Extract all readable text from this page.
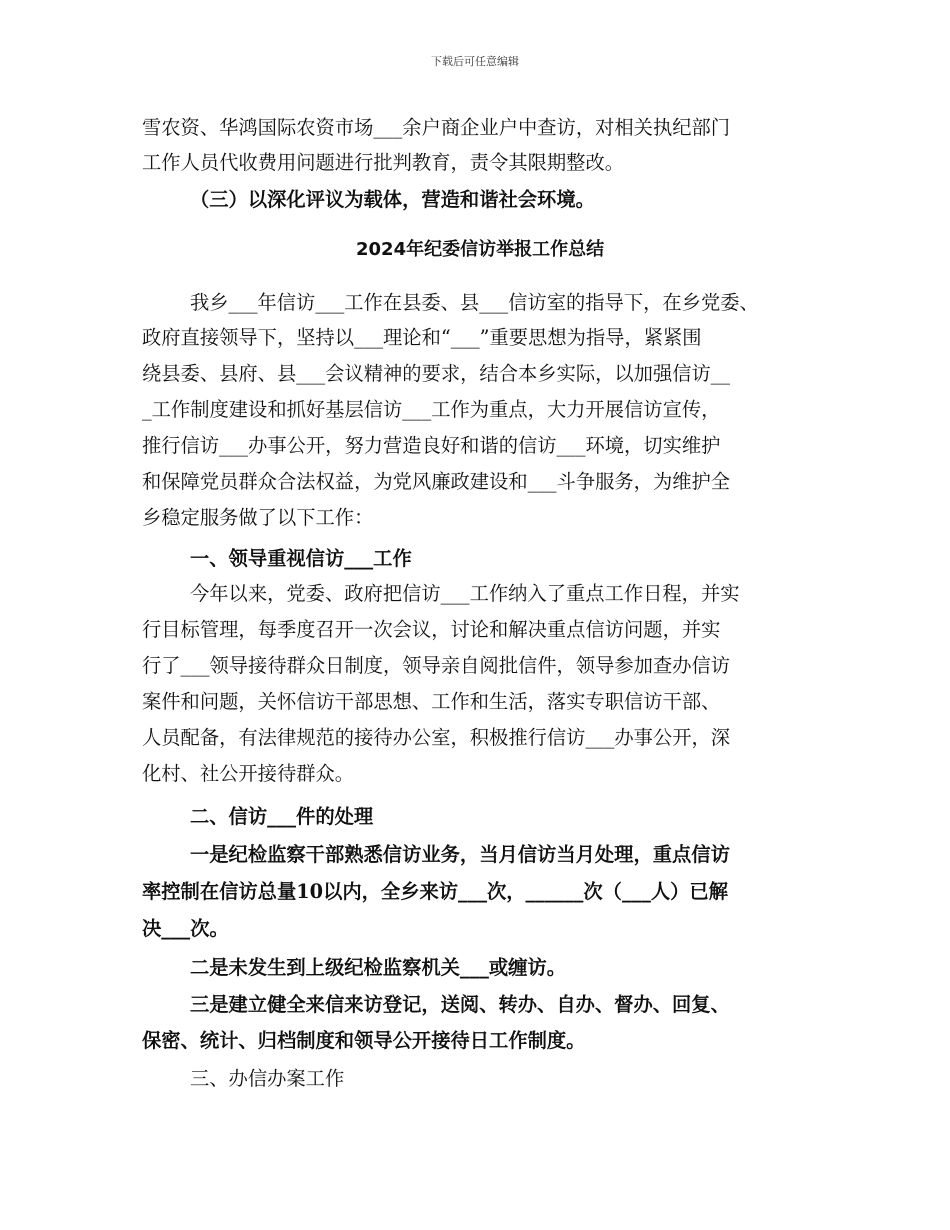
下载后可任意编辑
雪农资、华鸿国际农资市场___余户商企业户中查访，对相关执纪部门
工作人员代收费用问题进行批判教育，责令其限期整改。
（三）以深化评议为载体，营造和谐社会环境。
2024年纪委信访举报工作总结
我乡___年信访___工作在县委、县___信访室的指导下，在乡党委、
政府直接领导下，坚持以___理论和“___”重要思想为指导，紧紧围
绕县委、县府、县___会议精神的要求，结合本乡实际，以加强信访__
_工作制度建设和抓好基层信访___工作为重点，大力开展信访宣传，
推行信访___办事公开，努力营造良好和谐的信访___环境，切实维护
和保障党员群众合法权益，为党风廉政建设和___斗争服务，为维护全
乡稳定服务做了以下工作：
一、领导重视信访___工作
今年以来，党委、政府把信访___工作纳入了重点工作日程，并实
行目标管理，每季度召开一次会议，讨论和解决重点信访问题，并实
行了___领导接待群众日制度，领导亲自阅批信件，领导参加查办信访
案件和问题，关怀信访干部思想、工作和生活，落实专职信访干部、
人员配备，有法律规范的接待办公室，积极推行信访___办事公开，深
化村、社公开接待群众。
二、信访___件的处理
一是纪检监察干部熟悉信访业务，当月信访当月处理，重点信访
率控制在信访总量10以内，全乡来访___次，______次（___人）已解
决___次。
二是未发生到上级纪检监察机关___或缠访。
三是建立健全来信来访登记，送阅、转办、自办、督办、回复、
保密、统计、归档制度和领导公开接待日工作制度。
三、办信办案工作
